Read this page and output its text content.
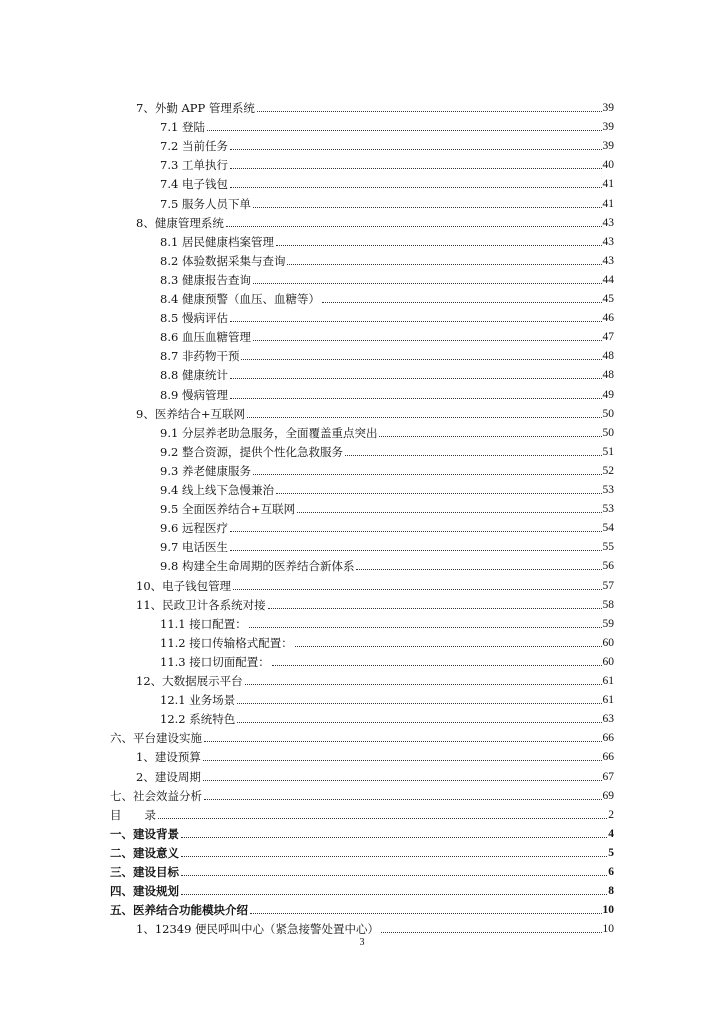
7、外勤 APP 管理系统	39
7.1 登陆	39
7.2 当前任务	39
7.3 工单执行	40
7.4 电子钱包	41
7.5 服务人员下单	41
8、健康管理系统	43
8.1 居民健康档案管理	43
8.2 体验数据采集与查询	43
8.3 健康报告查询	44
8.4 健康预警（血压、血糖等）	45
8.5 慢病评估	46
8.6 血压血糖管理	47
8.7 非药物干预	48
8.8 健康统计	48
8.9 慢病管理	49
9、医养结合+互联网	50
9.1 分层养老助急服务，全面覆盖重点突出	50
9.2 整合资源，提供个性化急救服务	51
9.3 养老健康服务	52
9.4 线上线下急慢兼治	53
9.5 全面医养结合+互联网	53
9.6 远程医疗	54
9.7 电话医生	55
9.8 构建全生命周期的医养结合新体系	56
10、电子钱包管理	57
11、民政卫计各系统对接	58
11.1 接口配置：	59
11.2 接口传输格式配置：	60
11.3 接口切面配置：	60
12、大数据展示平台	61
12.1 业务场景	61
12.2 系统特色	63
六、平台建设实施	66
1、建设预算	66
2、建设周期	67
七、社会效益分析	69
目　　录	2
一、建设背景	4
二、建设意义	5
三、建设目标	6
四、建设规划	8
五、医养结合功能模块介绍	10
1、12349 便民呼叫中心（紧急接警处置中心）	10
3
